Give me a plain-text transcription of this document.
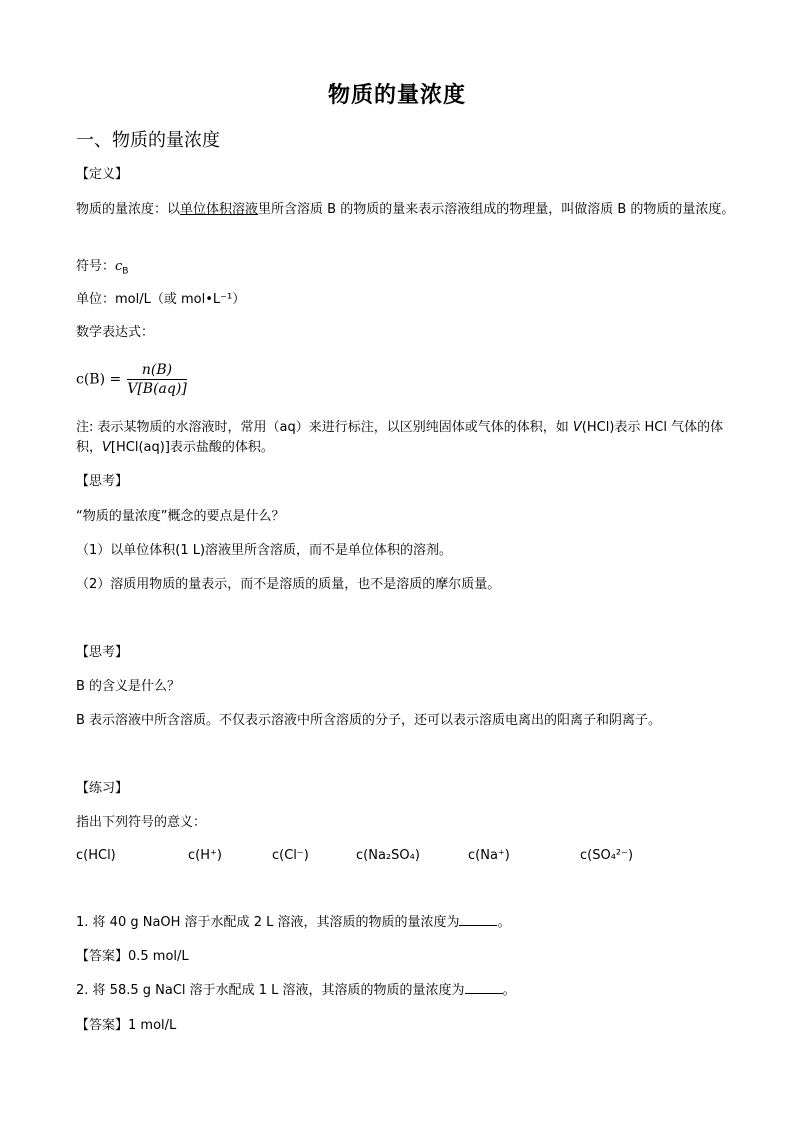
物质的量浓度
一、物质的量浓度
【定义】
物质的量浓度：以单位体积溶液里所含溶质 B 的物质的量来表示溶液组成的物理量，叫做溶质 B 的物质的量浓度。
符号：$c_B$
单位：mol/L（或 mol•L⁻¹）
数学表达式：
$c(B) = \frac{n(B)}{V[B(aq)]}$
注: 表示某物质的水溶液时，常用（aq）来进行标注，以区别纯固体或气体的体积，如 V(HCl)表示 HCl 气体的体积，V[HCl(aq)]表示盐酸的体积。
【思考】
“物质的量浓度”概念的要点是什么？
（1）以单位体积(1 L)溶液里所含溶质，而不是单位体积的溶剂。
（2）溶质用物质的量表示，而不是溶质的质量，也不是溶质的摩尔质量。
【思考】
B 的含义是什么？
B 表示溶液中所含溶质。不仅表示溶液中所含溶质的分子，还可以表示溶质电离出的阳离子和阴离子。
【练习】
指出下列符号的意义：
c(HCl)	c(H⁺)	c(Cl⁻)	c(Na₂SO₄)	c(Na⁺)	c(SO₄²⁻)
1. 将 40 g NaOH 溶于水配成 2 L 溶液，其溶质的物质的量浓度为	。
【答案】0.5 mol/L
2. 将 58.5 g NaCl 溶于水配成 1 L 溶液，其溶质的物质的量浓度为	。
【答案】1 mol/L
